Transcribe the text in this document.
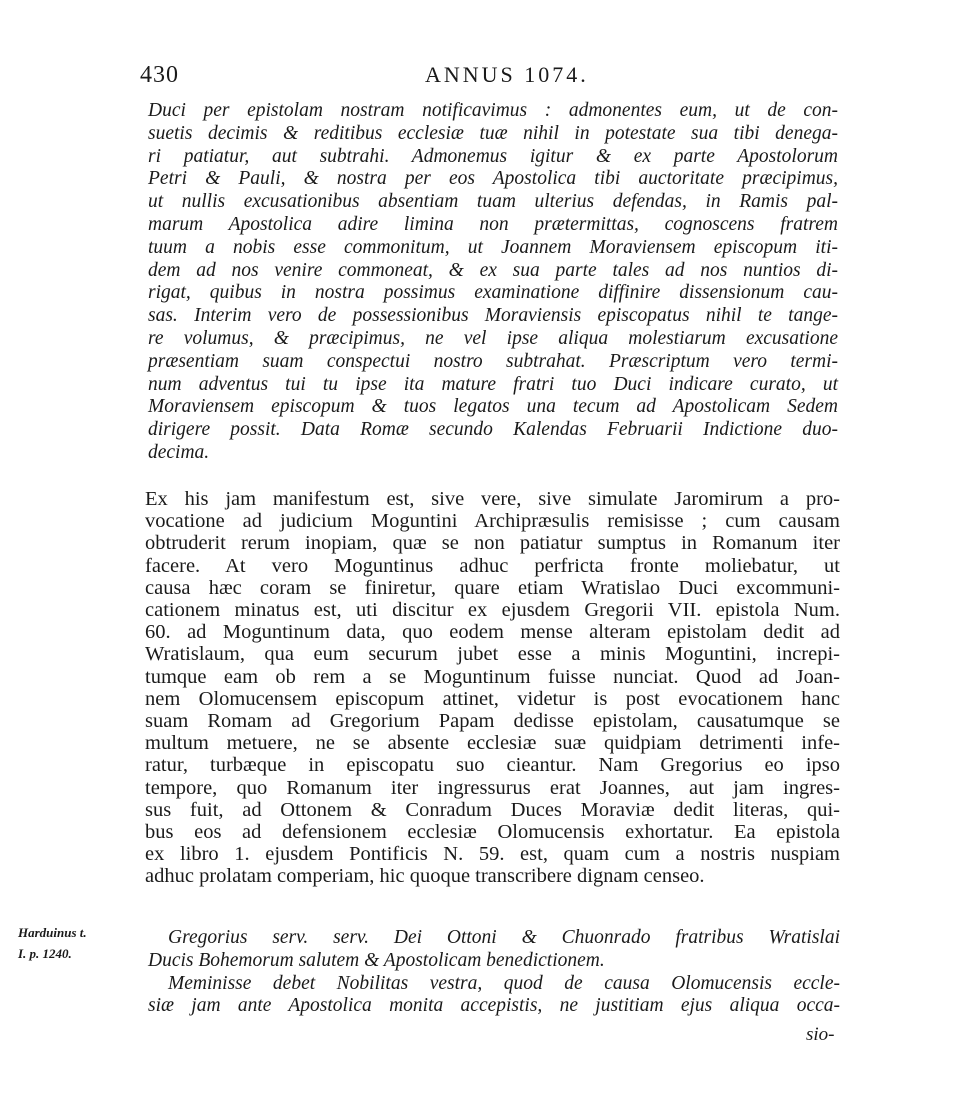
430	ANNUS 1074.
Duci per epistolam nostram notificavimus : admonentes eum, ut de con-
suetis decimis & reditibus ecclesiæ tuæ nihil in potestate sua tibi denega-
ri patiatur, aut subtrahi. Admonemus igitur & ex parte Apostolorum
Petri & Pauli, & nostra per eos Apostolica tibi auctoritate præcipimus,
ut nullis excusationibus absentiam tuam ulterius defendas, in Ramis pal-
marum Apostolica adire limina non prætermittas, cognoscens fratrem
tuum a nobis esse commonitum, ut Joannem Moraviensem episcopum iti-
dem ad nos venire commoneat, & ex sua parte tales ad nos nuntios di-
rigat, quibus in nostra possimus examinatione diffinire dissensionum cau-
sas. Interim vero de possessionibus Moraviensis episcopatus nihil te tange-
re volumus, & præcipimus, ne vel ipse aliqua molestiarum excusatione
præsentiam suam conspectui nostro subtrahat. Præscriptum vero termi-
num adventus tui tu ipse ita mature fratri tuo Duci indicare curato, ut
Moraviensem episcopum & tuos legatos una tecum ad Apostolicam Sedem
dirigere possit. Data Romæ secundo Kalendas Februarii Indictione duo-
decima.
Ex his jam manifestum est, sive vere, sive simulate Jaromirum a pro-
vocatione ad judicium Moguntini Archipræsulis remisisse ; cum causam
obtruderit rerum inopiam, quæ se non patiatur sumptus in Romanum iter
facere. At vero Moguntinus adhuc perfricta fronte moliebatur, ut
causa hæc coram se finiretur, quare etiam Wratislao Duci excommuni-
cationem minatus est, uti discitur ex ejusdem Gregorii VII. epistola Num.
60. ad Moguntinum data, quo eodem mense alteram epistolam dedit ad
Wratislaum, qua eum securum jubet esse a minis Moguntini, increpi-
tumque eam ob rem a se Moguntinum fuisse nunciat. Quod ad Joan-
nem Olomucensem episcopum attinet, videtur is post evocationem hanc
suam Romam ad Gregorium Papam dedisse epistolam, causatumque se
multum metuere, ne se absente ecclesiæ suæ quidpiam detrimenti infe-
ratur, turbæque in episcopatu suo cieantur. Nam Gregorius eo ipso
tempore, quo Romanum iter ingressurus erat Joannes, aut jam ingres-
sus fuit, ad Ottonem & Conradum Duces Moraviæ dedit literas, qui-
bus eos ad defensionem ecclesiæ Olomucensis exhortatur. Ea epistola
ex libro 1. ejusdem Pontificis N. 59. est, quam cum a nostris nuspiam
adhuc prolatam comperiam, hic quoque transcribere dignam censeo.
Harduinus t.
I. p. 1240.
Gregorius serv. serv. Dei Ottoni & Chuonrado fratribus Wratislai
Ducis Bohemorum salutem & Apostolicam benedictionem.
Meminisse debet Nobilitas vestra, quod de causa Olomucensis eccle-
siæ jam ante Apostolica monita accepistis, ne justitiam ejus aliqua occa-
sio-
